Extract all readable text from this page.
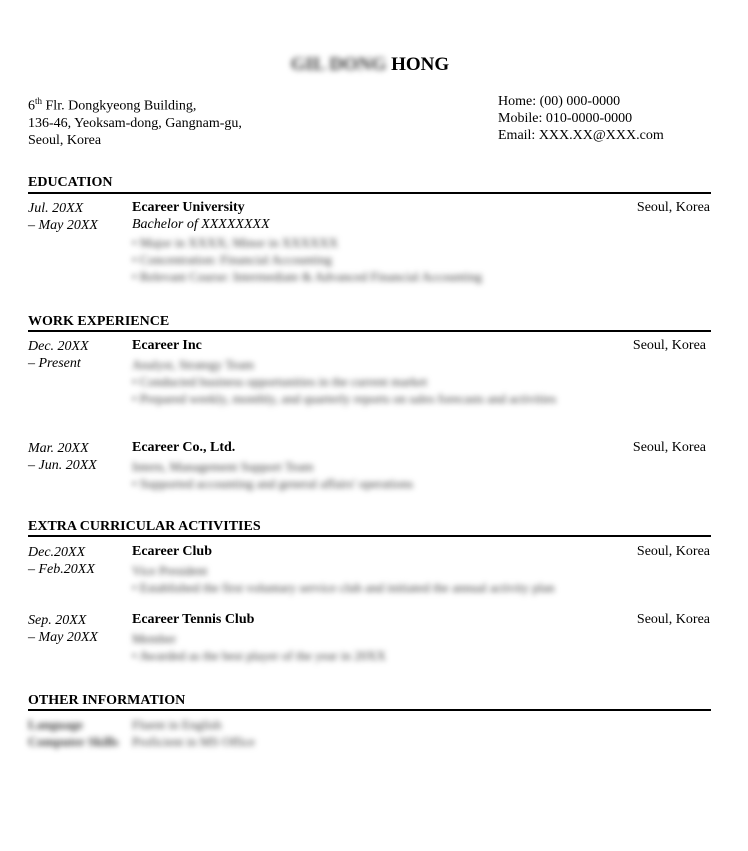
GIL DONG HONG
6th Flr. Dongkyeong Building,
136-46, Yeoksam-dong, Gangnam-gu,
Seoul, Korea
Home: (00) 000-0000
Mobile: 010-0000-0000
Email: XXX.XX@XXX.com
EDUCATION
Jul. 20XX
– May 20XX
Ecareer University	Seoul, Korea
Bachelor of XXXXXXXX
• Major in XXXX; Minor in XXXXXX
• Concentration: Financial Accounting
• Relevant Course: Intermediate & Advanced Financial Accounting
WORK EXPERIENCE
Dec. 20XX
– Present
Ecareer Inc	Seoul, Korea
Analyst, Strategy Team
• Conducted business opportunities in the current market
• Prepared weekly, monthly, and quarterly reports on sales forecasts and activities
Mar. 20XX
– Jun. 20XX
Ecareer Co., Ltd.	Seoul, Korea
Intern, Management Support Team
• Supported accounting and general affairs' operations
EXTRA CURRICULAR ACTIVITIES
Dec.20XX
– Feb.20XX
Ecareer Club	Seoul, Korea
Vice President
• Established the first voluntary service club and initiated the annual activity plan
Sep. 20XX
– May 20XX
Ecareer Tennis Club	Seoul, Korea
Member
• Awarded as the best player of the year in 20XX
OTHER INFORMATION
Language	Fluent in English
Computer Skills Proficient in MS Office
